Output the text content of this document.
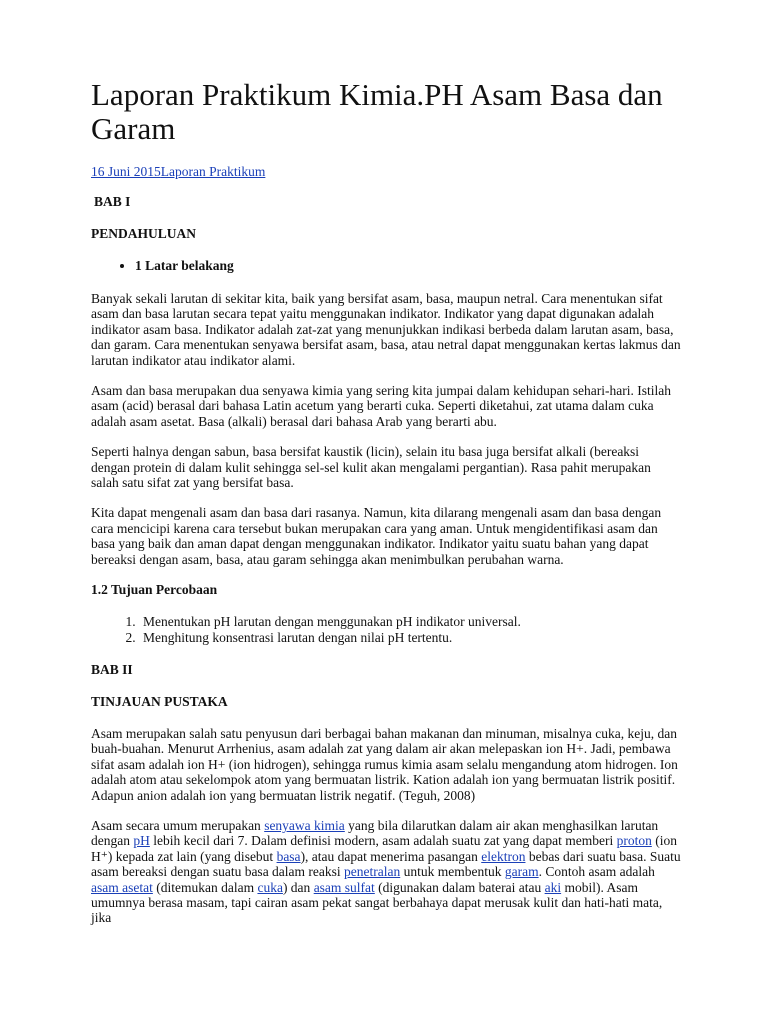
Laporan Praktikum Kimia.PH Asam Basa dan Garam
16 Juni 2015Laporan Praktikum
BAB I
PENDAHULUAN
• 1 Latar belakang

Banyak sekali larutan di sekitar kita, baik yang bersifat asam, basa, maupun netral. Cara menentukan sifat asam dan basa larutan secara tepat yaitu menggunakan indikator. Indikator yang dapat digunakan adalah indikator asam basa. Indikator adalah zat-zat yang menunjukkan indikasi berbeda dalam larutan asam, basa, dan garam. Cara menentukan senyawa bersifat asam, basa, atau netral dapat menggunakan kertas lakmus dan larutan indikator atau indikator alami.

Asam dan basa merupakan dua senyawa kimia yang sering kita jumpai dalam kehidupan sehari-hari. Istilah asam (acid) berasal dari bahasa Latin acetum yang berarti cuka. Seperti diketahui, zat utama dalam cuka adalah asam asetat. Basa (alkali) berasal dari bahasa Arab yang berarti abu.

Seperti halnya dengan sabun, basa bersifat kaustik (licin), selain itu basa juga bersifat alkali (bereaksi dengan protein di dalam kulit sehingga sel-sel kulit akan mengalami pergantian). Rasa pahit merupakan salah satu sifat zat yang bersifat basa.

Kita dapat mengenali asam dan basa dari rasanya. Namun, kita dilarang mengenali asam dan basa dengan cara mencicipi karena cara tersebut bukan merupakan cara yang aman. Untuk mengidentifikasi asam dan basa yang baik dan aman dapat dengan menggunakan indikator. Indikator yaitu suatu bahan yang dapat bereaksi dengan asam, basa, atau garam sehingga akan menimbulkan perubahan warna.

1.2 Tujuan Percobaan
1. Menentukan pH larutan dengan menggunakan pH indikator universal.
2. Menghitung konsentrasi larutan dengan nilai pH tertentu.
BAB II
TINJAUAN PUSTAKA

Asam merupakan salah satu penyusun dari berbagai bahan makanan dan minuman, misalnya cuka, keju, dan buah-buahan. Menurut Arrhenius, asam adalah zat yang dalam air akan melepaskan ion H+. Jadi, pembawa sifat asam adalah ion H+ (ion hidrogen), sehingga rumus kimia asam selalu mengandung atom hidrogen. Ion adalah atom atau sekelompok atom yang bermuatan listrik. Kation adalah ion yang bermuatan listrik positif. Adapun anion adalah ion yang bermuatan listrik negatif. (Teguh, 2008)

Asam secara umum merupakan senyawa kimia yang bila dilarutkan dalam air akan menghasilkan larutan dengan pH lebih kecil dari 7. Dalam definisi modern, asam adalah suatu zat yang dapat memberi proton (ion H⁺) kepada zat lain (yang disebut basa), atau dapat menerima pasangan elektron bebas dari suatu basa. Suatu asam bereaksi dengan suatu basa dalam reaksi penetralan untuk membentuk garam. Contoh asam adalah asam asetat (ditemukan dalam cuka) dan asam sulfat (digunakan dalam baterai atau aki mobil). Asam umumnya berasa masam, tapi cairan asam pekat sangat berbahaya dapat merusak kulit dan hati-hati mata, jika
